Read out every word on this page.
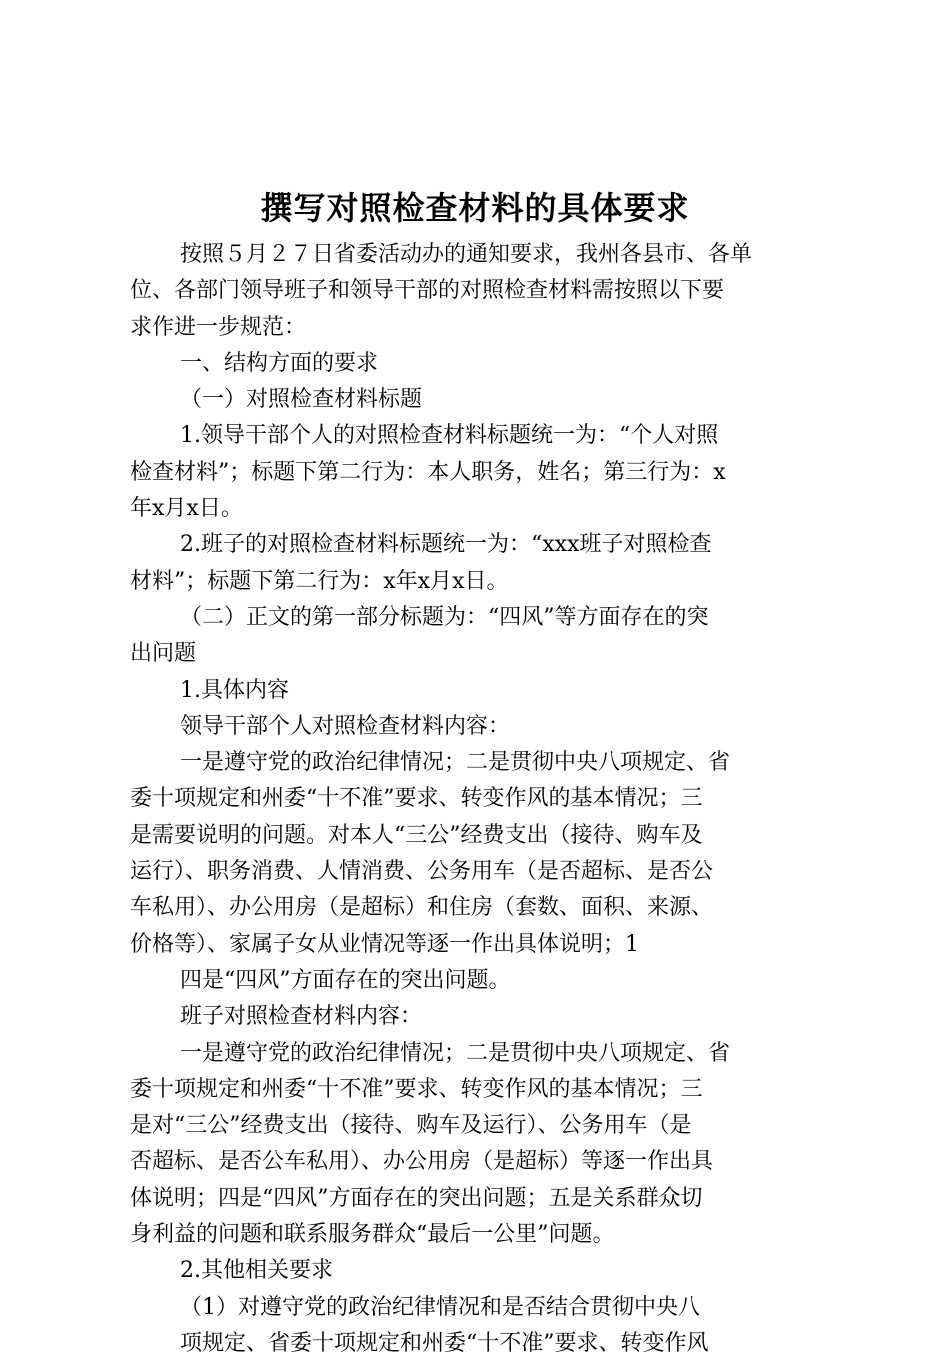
撰写对照检查材料的具体要求
按照５月２７日省委活动办的通知要求，我州各县市、各单
位、各部门领导班子和领导干部的对照检查材料需按照以下要
求作进一步规范：
一、结构方面的要求
（一）对照检查材料标题
1.领导干部个人的对照检查材料标题统一为：“个人对照
检查材料”；标题下第二行为：本人职务，姓名；第三行为：x
年x月x日。
2.班子的对照检查材料标题统一为：“xxx班子对照检查
材料”；标题下第二行为：x年x月x日。
（二）正文的第一部分标题为：“四风”等方面存在的突
出问题
1.具体内容
领导干部个人对照检查材料内容：
一是遵守党的政治纪律情况；二是贯彻中央八项规定、省
委十项规定和州委“十不准”要求、转变作风的基本情况；三
是需要说明的问题。对本人“三公”经费支出（接待、购车及
运行）、职务消费、人情消费、公务用车（是否超标、是否公
车私用）、办公用房（是超标）和住房（套数、面积、来源、
价格等）、家属子女从业情况等逐一作出具体说明；1
四是“四风”方面存在的突出问题。
班子对照检查材料内容：
一是遵守党的政治纪律情况；二是贯彻中央八项规定、省
委十项规定和州委“十不准”要求、转变作风的基本情况；三
是对“三公”经费支出（接待、购车及运行）、公务用车（是
否超标、是否公车私用）、办公用房（是超标）等逐一作出具
体说明；四是“四风”方面存在的突出问题；五是关系群众切
身利益的问题和联系服务群众“最后一公里”问题。
2.其他相关要求
（1）对遵守党的政治纪律情况和是否结合贯彻中央八
项规定、省委十项规定和州委“十不准”要求、转变作风
